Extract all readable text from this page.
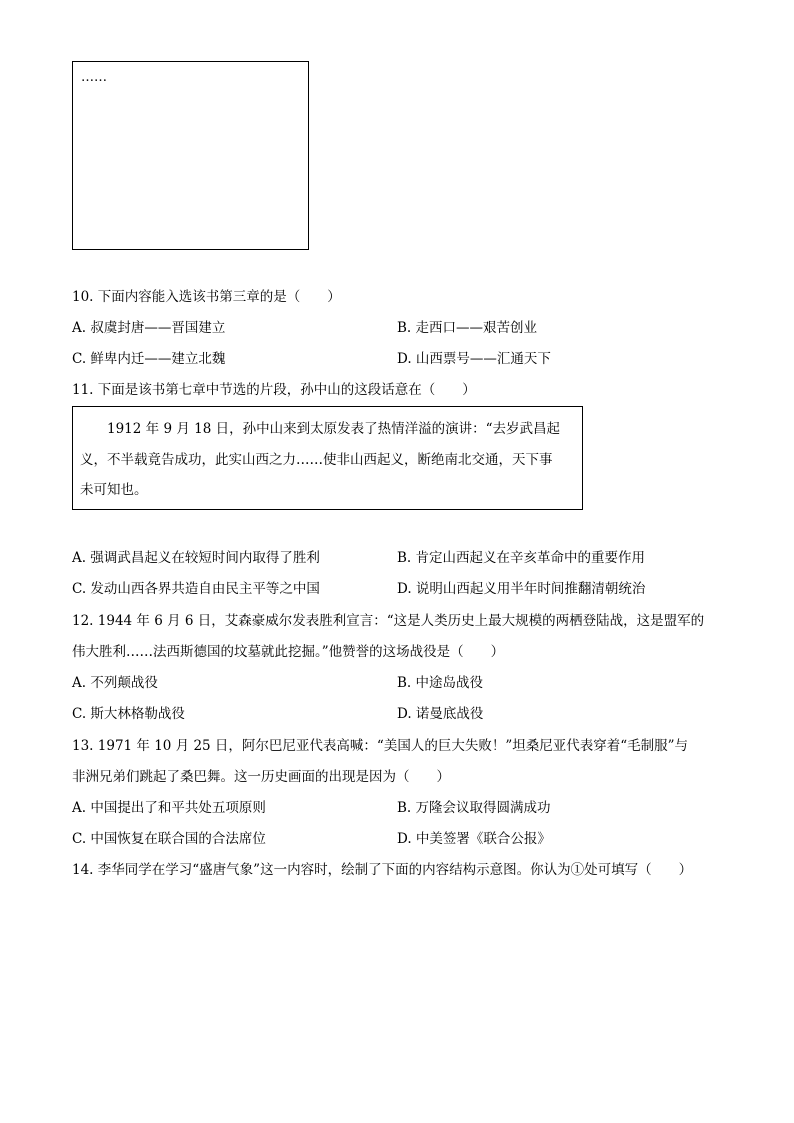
……
10. 下面内容能入选该书第三章的是（　　）
A. 叔虞封唐——晋国建立	B. 走西口——艰苦创业
C. 鲜卑内迁——建立北魏	D. 山西票号——汇通天下
11. 下面是该书第七章中节选的片段，孙中山的这段话意在（　　）
1912 年 9 月 18 日，孙中山来到太原发表了热情洋溢的演讲：“去岁武昌起
义，不半载竟告成功，此实山西之力……使非山西起义，断绝南北交通，天下事
未可知也。
A. 强调武昌起义在较短时间内取得了胜利	B. 肯定山西起义在辛亥革命中的重要作用
C. 发动山西各界共造自由民主平等之中国	D. 说明山西起义用半年时间推翻清朝统治
12. 1944 年 6 月 6 日，艾森豪威尔发表胜利宣言：“这是人类历史上最大规模的两栖登陆战，这是盟军的
伟大胜利……法西斯德国的坟墓就此挖掘。”他赞誉的这场战役是（　　）
A. 不列颠战役	B. 中途岛战役
C. 斯大林格勒战役	D. 诺曼底战役
13. 1971 年 10 月 25 日，阿尔巴尼亚代表高喊：“美国人的巨大失败！”坦桑尼亚代表穿着“毛制服”与
非洲兄弟们跳起了桑巴舞。这一历史画面的出现是因为（　　）
A. 中国提出了和平共处五项原则	B. 万隆会议取得圆满成功
C. 中国恢复在联合国的合法席位	D. 中美签署《联合公报》
14. 李华同学在学习“盛唐气象”这一内容时，绘制了下面的内容结构示意图。你认为①处可填写（　　）
